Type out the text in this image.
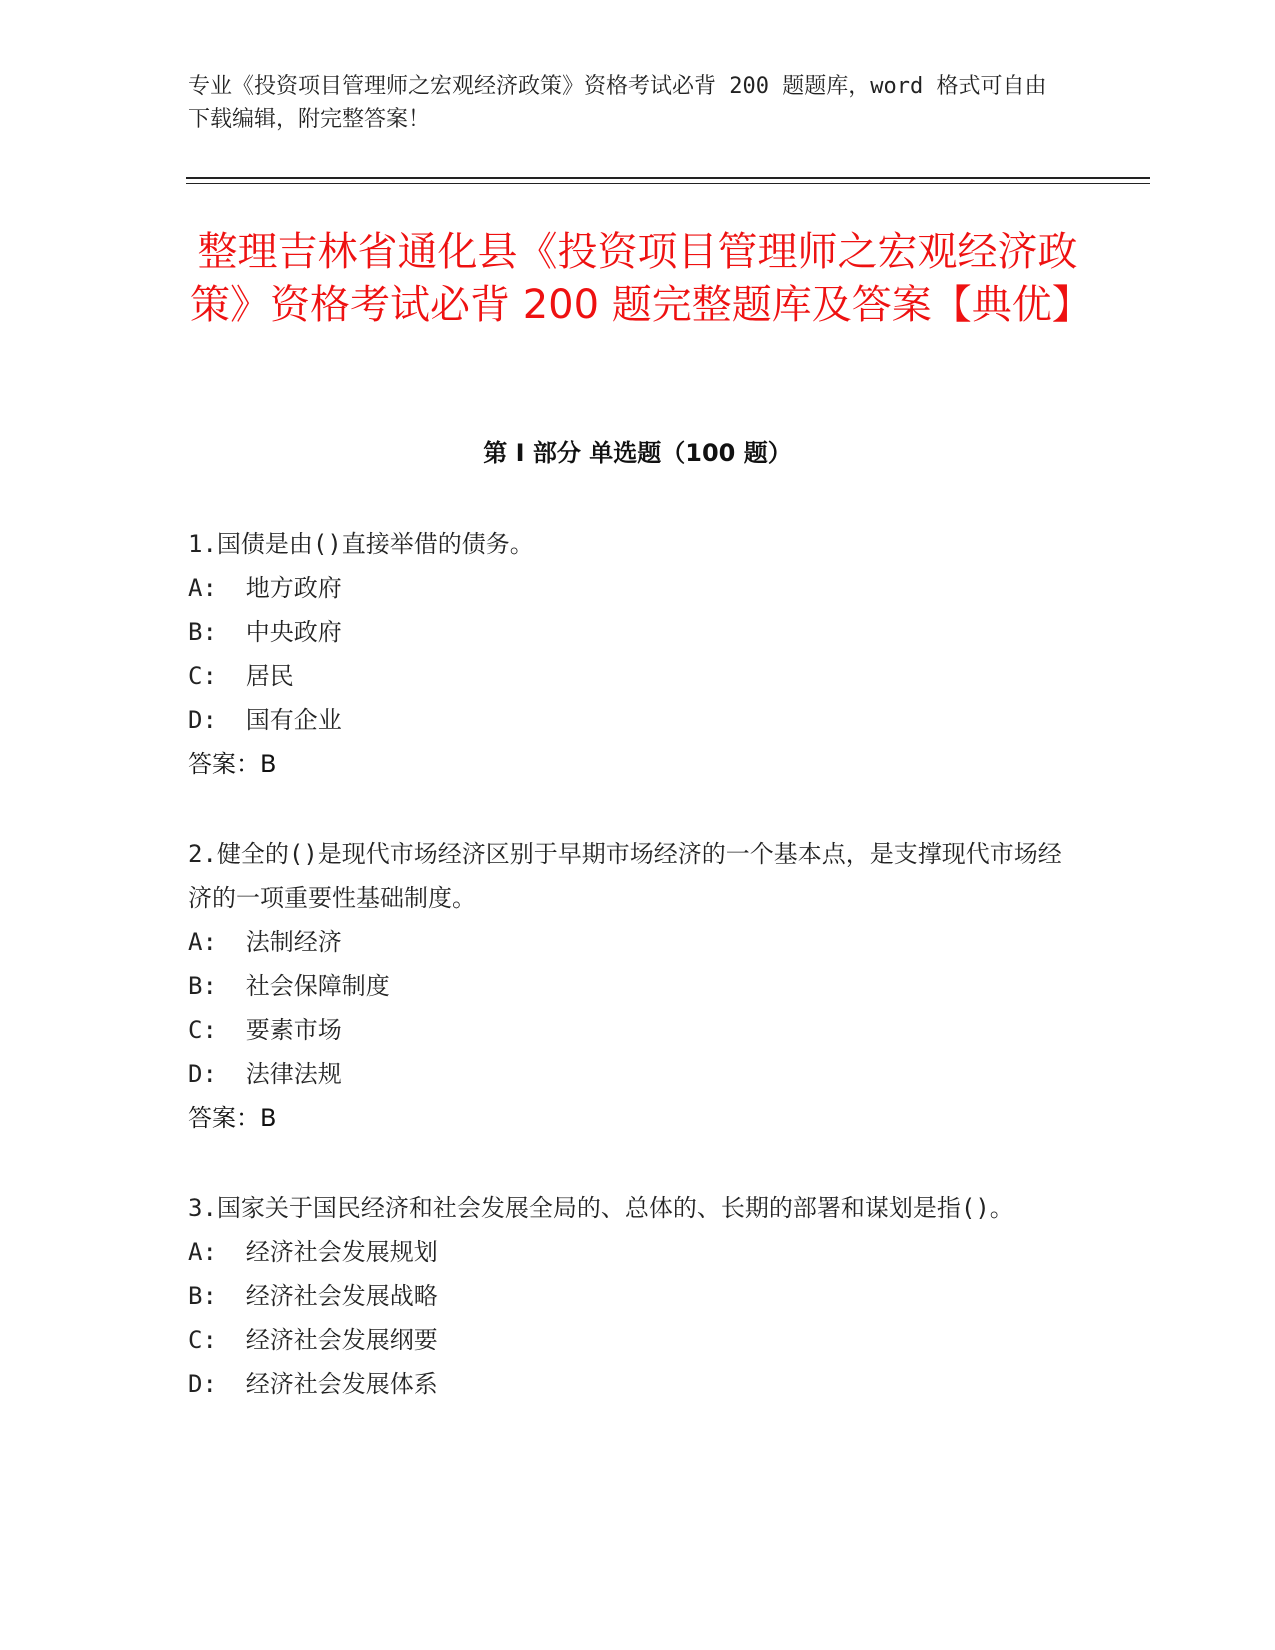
专业《投资项目管理师之宏观经济政策》资格考试必背 200 题题库，word 格式可自由下载编辑，附完整答案！
整理吉林省通化县《投资项目管理师之宏观经济政策》资格考试必背 200 题完整题库及答案【典优】
第 I 部分 单选题（100 题）
1.国债是由()直接举借的债务。
A:  地方政府
B:  中央政府
C:  居民
D:  国有企业
答案：B
2.健全的()是现代市场经济区别于早期市场经济的一个基本点，是支撑现代市场经济的一项重要性基础制度。
A:  法制经济
B:  社会保障制度
C:  要素市场
D:  法律法规
答案：B
3.国家关于国民经济和社会发展全局的、总体的、长期的部署和谋划是指()。
A:  经济社会发展规划
B:  经济社会发展战略
C:  经济社会发展纲要
D:  经济社会发展体系
